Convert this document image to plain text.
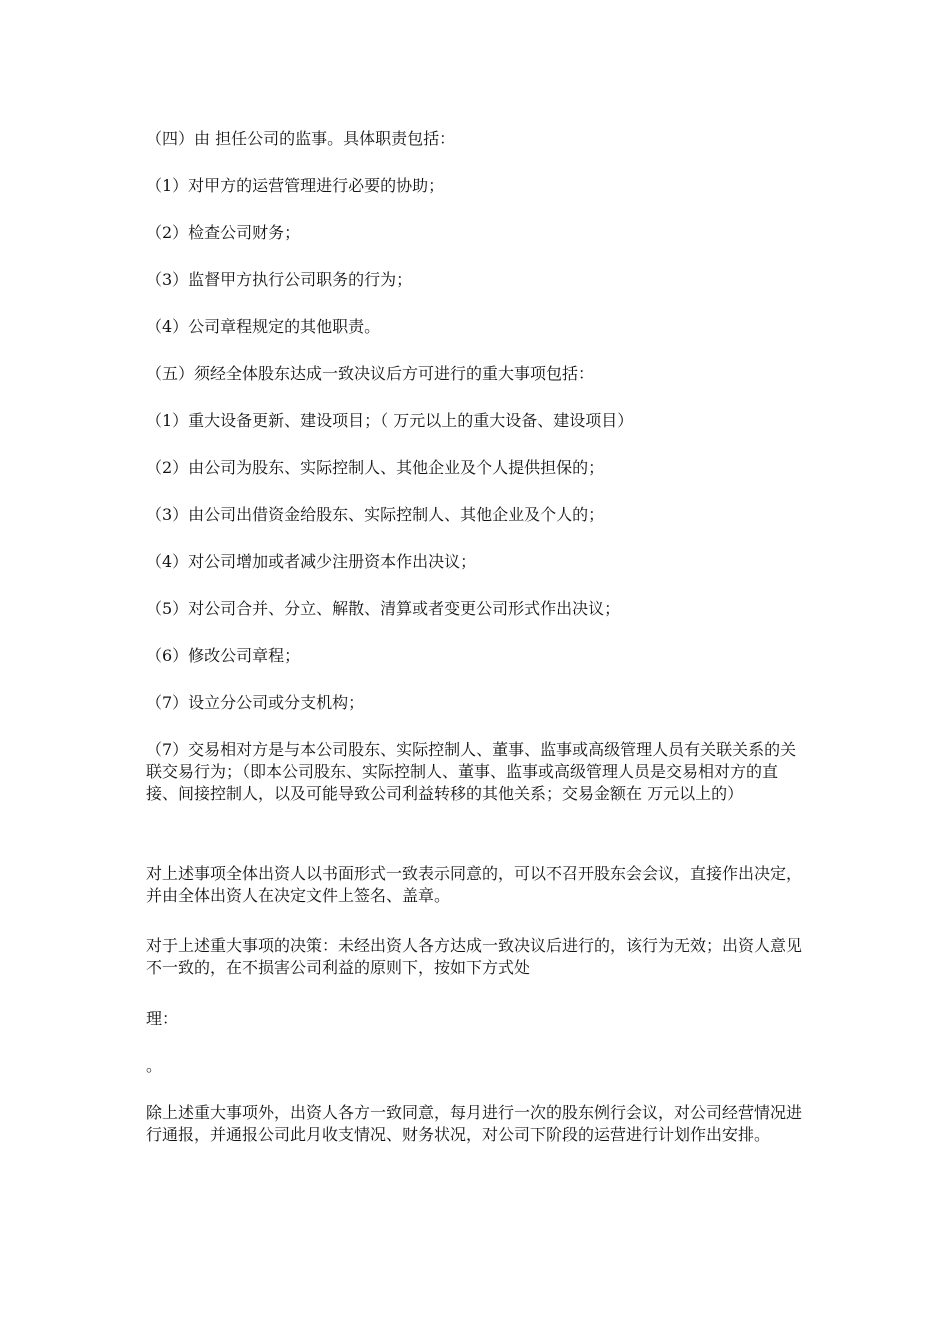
（四）由 担任公司的监事。具体职责包括：

（1）对甲方的运营管理进行必要的协助；

（2）检查公司财务；

（3）监督甲方执行公司职务的行为；

（4）公司章程规定的其他职责。

（五）须经全体股东达成一致决议后方可进行的重大事项包括：

（1）重大设备更新、建设项目；（ 万元以上的重大设备、建设项目）

（2）由公司为股东、实际控制人、其他企业及个人提供担保的；

（3）由公司出借资金给股东、实际控制人、其他企业及个人的；

（4）对公司增加或者减少注册资本作出决议；

（5）对公司合并、分立、解散、清算或者变更公司形式作出决议；

（6）修改公司章程；

（7）设立分公司或分支机构；

（7）交易相对方是与本公司股东、实际控制人、董事、监事或高级管理人员有关联关系的关联交易行为；（即本公司股东、实际控制人、董事、监事或高级管理人员是交易相对方的直接、间接控制人，以及可能导致公司利益转移的其他关系；交易金额在 万元以上的）

对上述事项全体出资人以书面形式一致表示同意的，可以不召开股东会会议，直接作出决定，并由全体出资人在决定文件上签名、盖章。

对于上述重大事项的决策：未经出资人各方达成一致决议后进行的，该行为无效；出资人意见不一致的，在不损害公司利益的原则下，按如下方式处

理：

。

除上述重大事项外，出资人各方一致同意，每月进行一次的股东例行会议，对公司经营情况进行通报，并通报公司此月收支情况、财务状况，对公司下阶段的运营进行计划作出安排。
